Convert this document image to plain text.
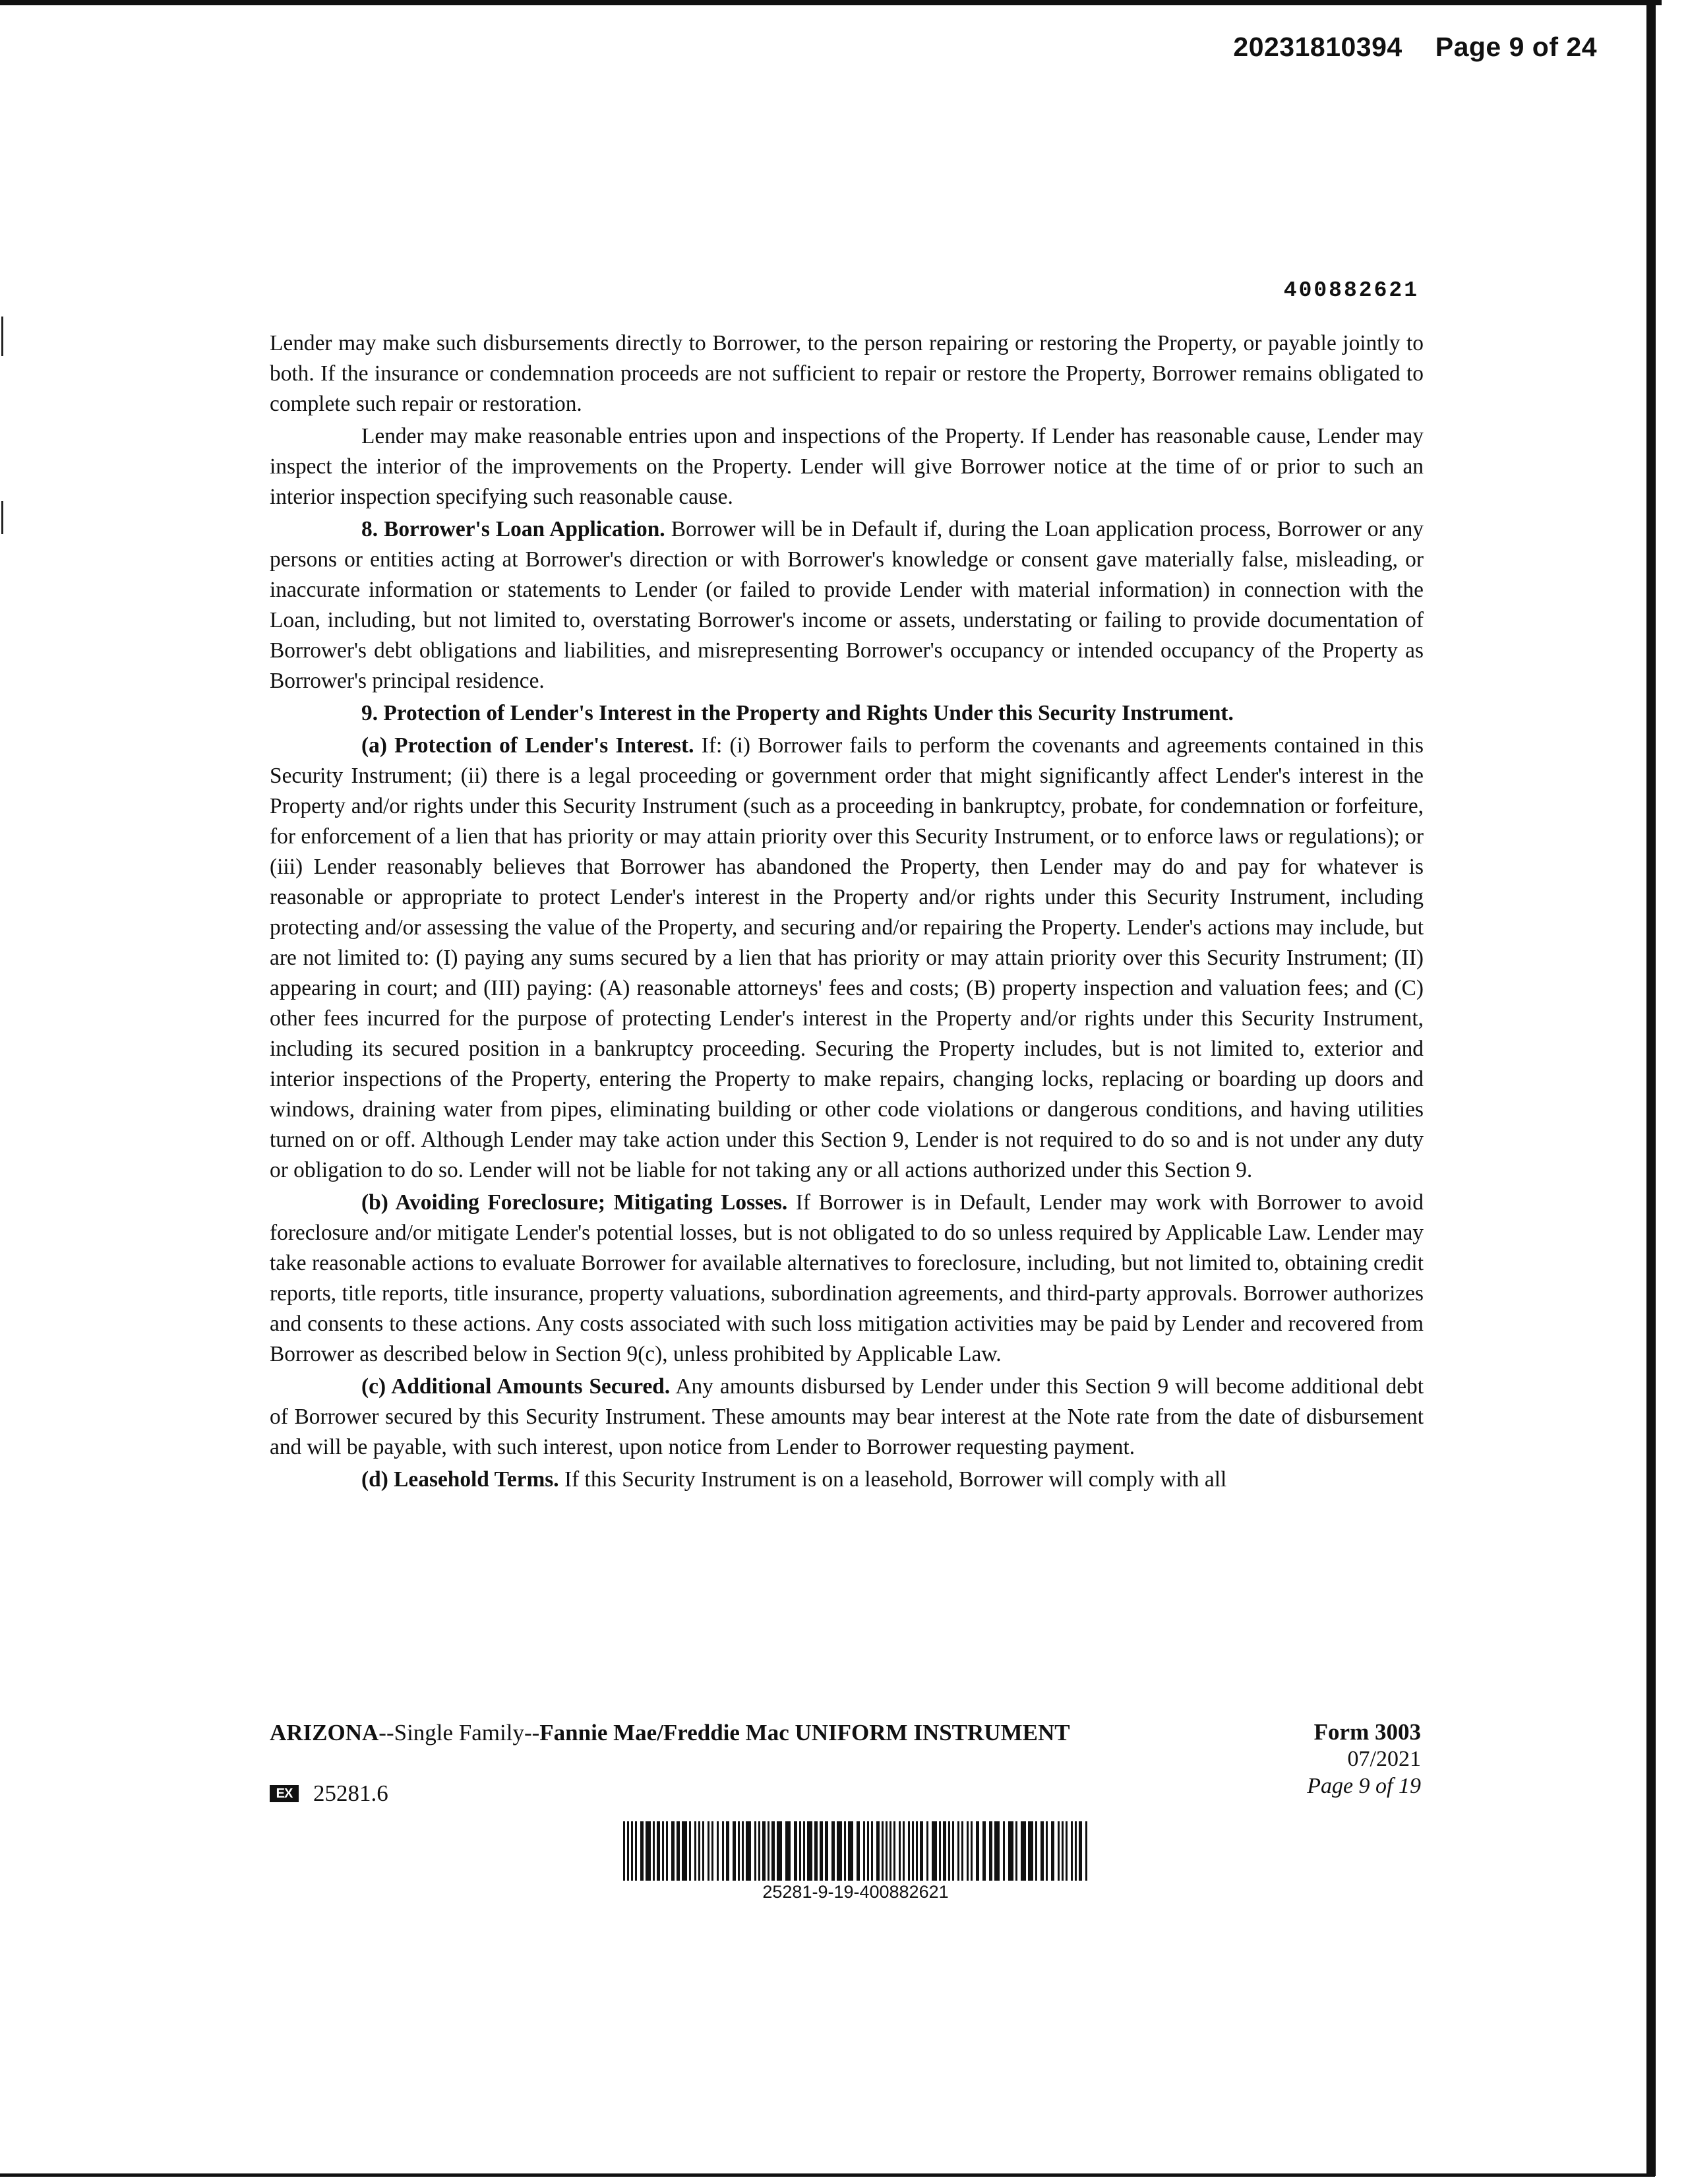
20231810394 Page 9 of 24
400882621

Lender may make such disbursements directly to Borrower, to the person repairing or restoring the Property, or payable jointly to both. If the insurance or condemnation proceeds are not sufficient to repair or restore the Property, Borrower remains obligated to complete such repair or restoration.

Lender may make reasonable entries upon and inspections of the Property. If Lender has reasonable cause, Lender may inspect the interior of the improvements on the Property. Lender will give Borrower notice at the time of or prior to such an interior inspection specifying such reasonable cause.

8. Borrower's Loan Application. Borrower will be in Default if, during the Loan application process, Borrower or any persons or entities acting at Borrower's direction or with Borrower's knowledge or consent gave materially false, misleading, or inaccurate information or statements to Lender (or failed to provide Lender with material information) in connection with the Loan, including, but not limited to, overstating Borrower's income or assets, understating or failing to provide documentation of Borrower's debt obligations and liabilities, and misrepresenting Borrower's occupancy or intended occupancy of the Property as Borrower's principal residence.

9. Protection of Lender's Interest in the Property and Rights Under this Security Instrument.

(a) Protection of Lender's Interest. If: (i) Borrower fails to perform the covenants and agreements contained in this Security Instrument; (ii) there is a legal proceeding or government order that might significantly affect Lender's interest in the Property and/or rights under this Security Instrument (such as a proceeding in bankruptcy, probate, for condemnation or forfeiture, for enforcement of a lien that has priority or may attain priority over this Security Instrument, or to enforce laws or regulations); or (iii) Lender reasonably believes that Borrower has abandoned the Property, then Lender may do and pay for whatever is reasonable or appropriate to protect Lender's interest in the Property and/or rights under this Security Instrument, including protecting and/or assessing the value of the Property, and securing and/or repairing the Property. Lender's actions may include, but are not limited to: (I) paying any sums secured by a lien that has priority or may attain priority over this Security Instrument; (II) appearing in court; and (III) paying: (A) reasonable attorneys' fees and costs; (B) property inspection and valuation fees; and (C) other fees incurred for the purpose of protecting Lender's interest in the Property and/or rights under this Security Instrument, including its secured position in a bankruptcy proceeding. Securing the Property includes, but is not limited to, exterior and interior inspections of the Property, entering the Property to make repairs, changing locks, replacing or boarding up doors and windows, draining water from pipes, eliminating building or other code violations or dangerous conditions, and having utilities turned on or off. Although Lender may take action under this Section 9, Lender is not required to do so and is not under any duty or obligation to do so. Lender will not be liable for not taking any or all actions authorized under this Section 9.

(b) Avoiding Foreclosure; Mitigating Losses. If Borrower is in Default, Lender may work with Borrower to avoid foreclosure and/or mitigate Lender's potential losses, but is not obligated to do so unless required by Applicable Law. Lender may take reasonable actions to evaluate Borrower for available alternatives to foreclosure, including, but not limited to, obtaining credit reports, title reports, title insurance, property valuations, subordination agreements, and third-party approvals. Borrower authorizes and consents to these actions. Any costs associated with such loss mitigation activities may be paid by Lender and recovered from Borrower as described below in Section 9(c), unless prohibited by Applicable Law.

(c) Additional Amounts Secured. Any amounts disbursed by Lender under this Section 9 will become additional debt of Borrower secured by this Security Instrument. These amounts may bear interest at the Note rate from the date of disbursement and will be payable, with such interest, upon notice from Lender to Borrower requesting payment.

(d) Leasehold Terms. If this Security Instrument is on a leasehold, Borrower will comply with all

ARIZONA--Single Family--Fannie Mae/Freddie Mac UNIFORM INSTRUMENT	Form 3003
07/2021
Page 9 of 19
EX 25281.6
25281-9-19-400882621
